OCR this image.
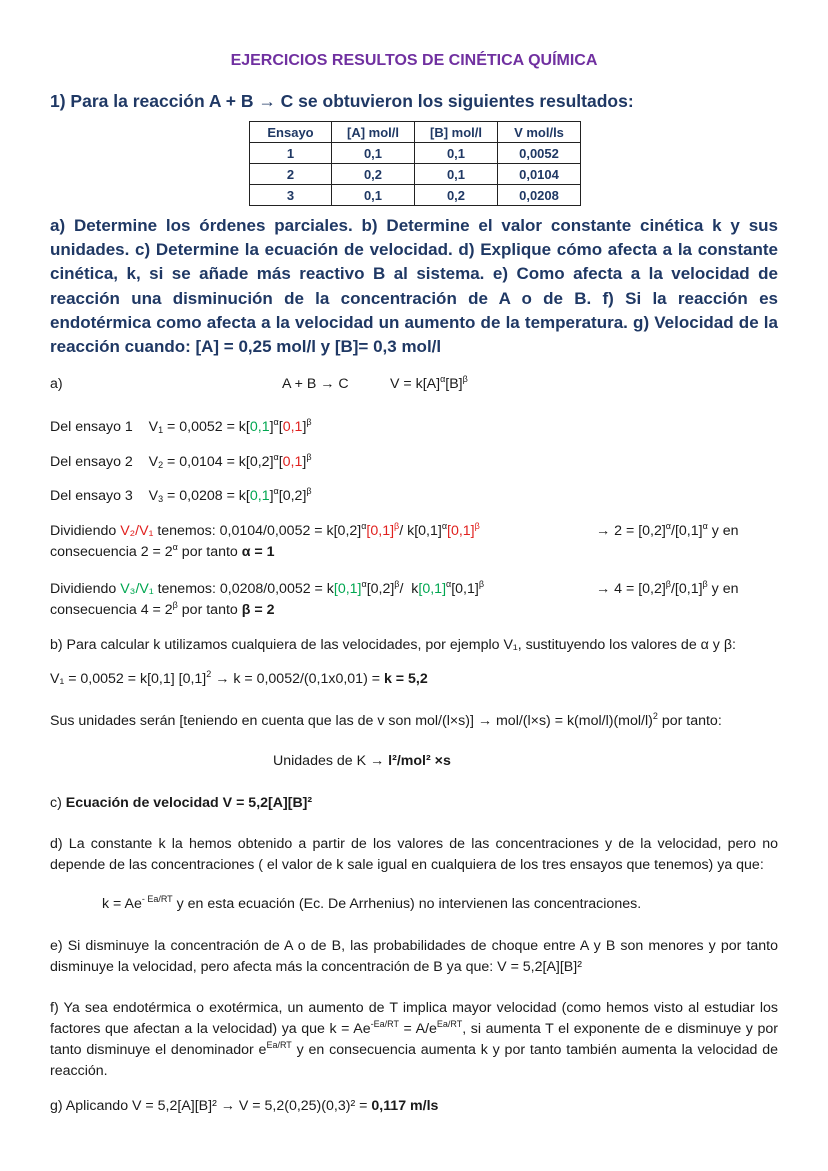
EJERCICIOS RESULTOS DE CINÉTICA QUÍMICA
1) Para la reacción A + B → C se obtuvieron los siguientes resultados:
Ensayo	[A] mol/l	[B] mol/l	V mol/ls
1	0,1	0,1	0,0052
2	0,2	0,1	0,0104
3	0,1	0,2	0,0208
a) Determine los órdenes parciales. b) Determine el valor constante cinética k y sus unidades. c) Determine la ecuación de velocidad. d) Explique cómo afecta a la constante cinética, k, si se añade más reactivo B al sistema. e) Como afecta a la velocidad de reacción una disminución de la concentración de A o de B. f) Si la reacción es endotérmica como afecta a la velocidad un aumento de la temperatura. g) Velocidad de la reacción cuando: [A] = 0,25 mol/l y [B]= 0,3 mol/l
a)	A + B → C	$V = k[A]^\alpha[B]^\beta$
Del ensayo 1 $V_1 = 0,0052 = k[0,1]^\alpha[0,1]^\beta$
Del ensayo 2 $V_2 = 0,0104 = k[0,2]^\alpha[0,1]^\beta$
Del ensayo 3 $V_3 = 0,0208 = k[0,1]^\alpha[0,2]^\beta$
Dividiendo V₂/V₁ tenemos: $0,0104/0,0052 = k[0,2]^\alpha[0,1]^\beta/$ $k[0,1]^\alpha[0,1]^\beta$	→ $2 = [0,2]^\alpha/[0,1]^\alpha$ y en
consecuencia $2 = 2^\alpha$ por tanto α = 1
Dividiendo V₃/V₁ tenemos: $0,0208/0,0052 = k[0,1]^\alpha[0,2]^\beta/$  $k[0,1]^\alpha[0,1]^\beta$	→ $4 = [0,2]^\beta/[0,1]^\beta$ y en
consecuencia $4 = 2^\beta$ por tanto β = 2
b) Para calcular k utilizamos cualquiera de las velocidades, por ejemplo V₁, sustituyendo los valores de α y β:
V₁ = 0,0052 = k[0,1] $[0,1]^2 \to k = 0,0052/(0,1x0,01) = k = 5,2$
Sus unidades serán [teniendo en cuenta que las de v son $mol/(l\times s)] \to mol/(l\times s) = k(mol/l)(mol/l)^2$ por tanto:
Unidades de K → l²/mol² ×s
c) Ecuación de velocidad V = 5,2[A][B]²
d) La constante k la hemos obtenido a partir de los valores de las concentraciones y de la velocidad, pero no depende de las concentraciones ( el valor de k sale igual en cualquiera de los tres ensayos que tenemos) ya que:
$k = Ae^{- Ea/RT}$ y en esta ecuación (Ec. De Arrhenius) no intervienen las concentraciones.
e) Si disminuye la concentración de A o de B, las probabilidades de choque entre A y B son menores y por tanto disminuye la velocidad, pero afecta más la concentración de B ya que: V = 5,2[A][B]²
f) Ya sea endotérmica o exotérmica, un aumento de T implica mayor velocidad (como hemos visto al estudiar los factores que afectan a la velocidad) ya que $k = Ae^{-Ea/RT} = A/e^{Ea/RT}$, si aumenta T el exponente de e disminuye y por tanto disminuye el denominador $e^{Ea/RT}$ y en consecuencia aumenta k y por tanto también aumenta la velocidad de reacción.
g) Aplicando V = 5,2[A][B]² → V = 5,2(0,25)(0,3)² = 0,117 m/ls
